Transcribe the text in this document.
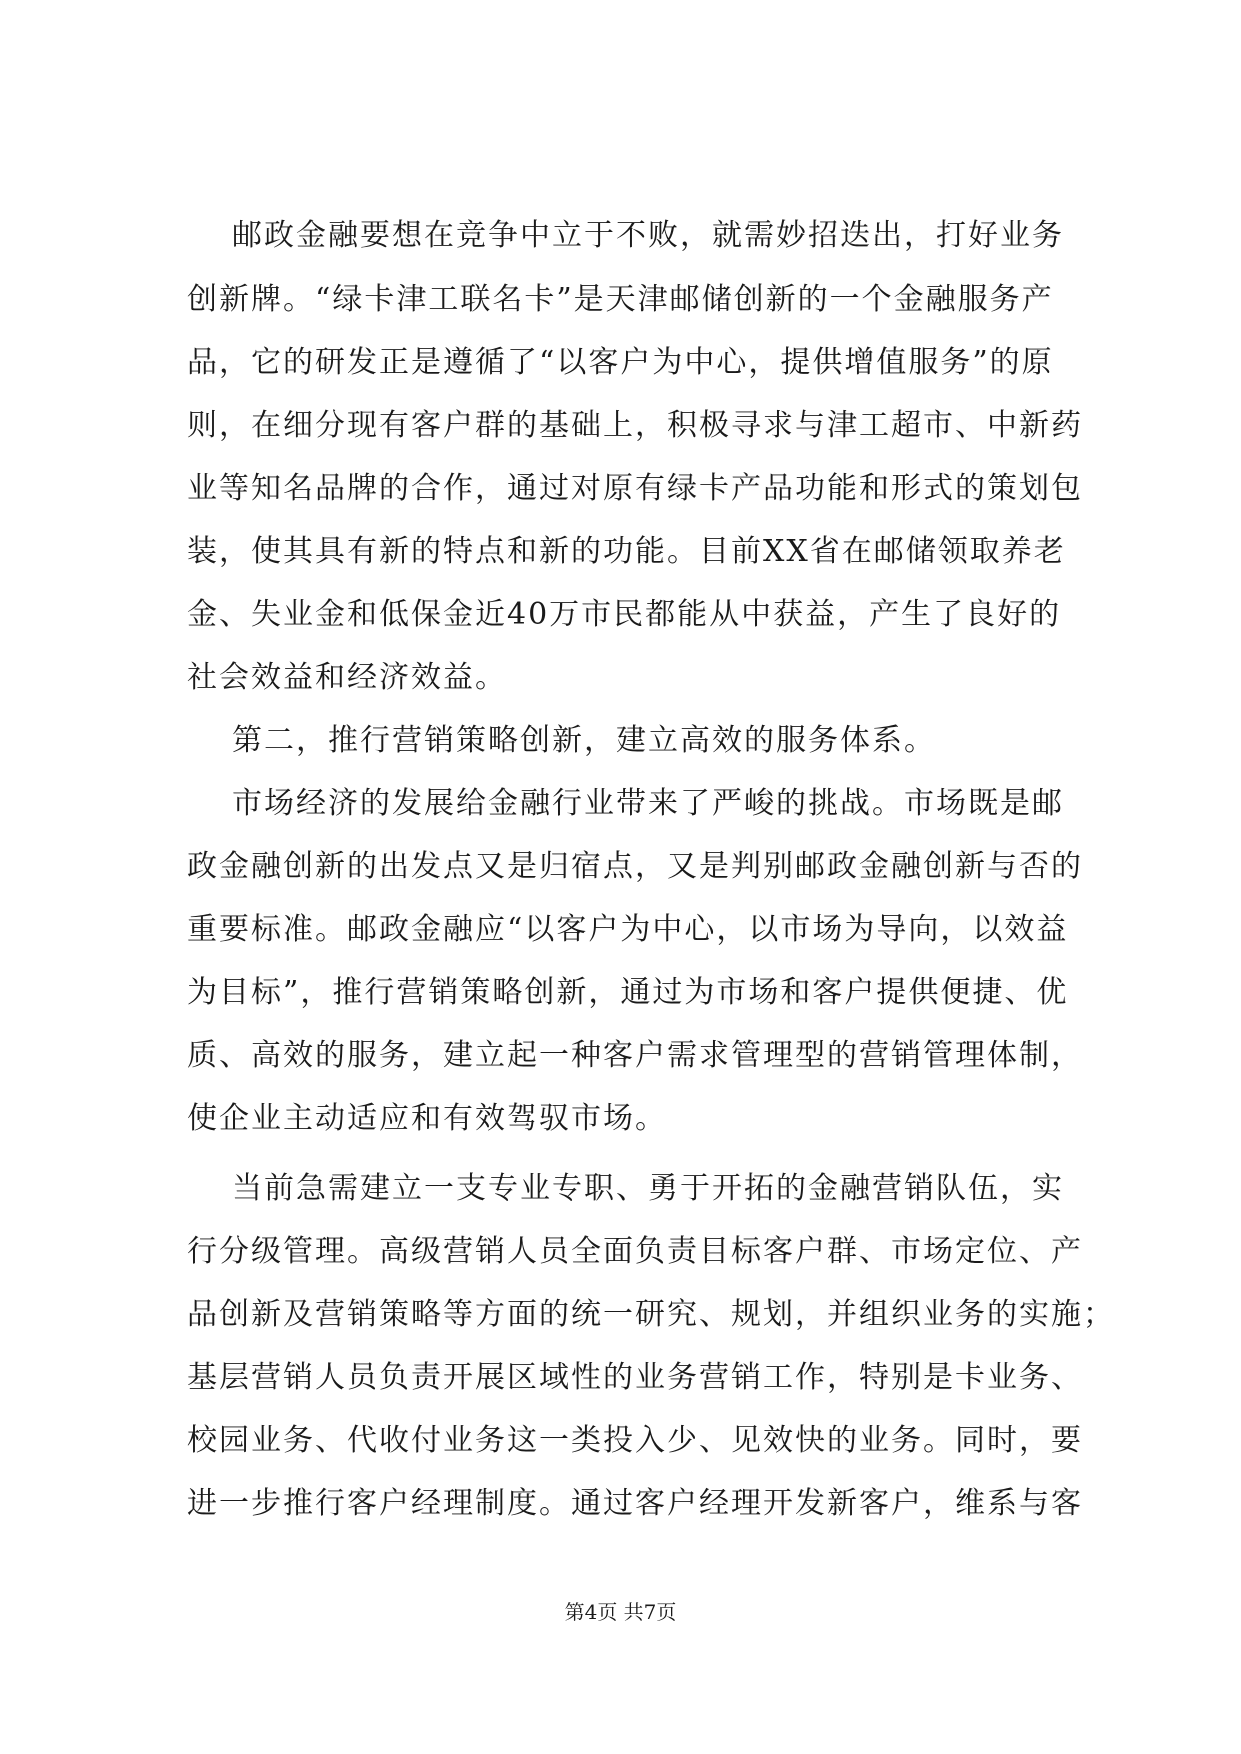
邮政金融要想在竞争中立于不败，就需妙招迭出，打好业务
创新牌。“绿卡津工联名卡”是天津邮储创新的一个金融服务产
品，它的研发正是遵循了“以客户为中心，提供增值服务”的原
则，在细分现有客户群的基础上，积极寻求与津工超市、中新药
业等知名品牌的合作，通过对原有绿卡产品功能和形式的策划包
装，使其具有新的特点和新的功能。目前XX省在邮储领取养老
金、失业金和低保金近40万市民都能从中获益，产生了良好的
社会效益和经济效益。
第二，推行营销策略创新，建立高效的服务体系。
市场经济的发展给金融行业带来了严峻的挑战。市场既是邮
政金融创新的出发点又是归宿点，又是判别邮政金融创新与否的
重要标准。邮政金融应“以客户为中心，以市场为导向，以效益
为目标”，推行营销策略创新，通过为市场和客户提供便捷、优
质、高效的服务，建立起一种客户需求管理型的营销管理体制，
使企业主动适应和有效驾驭市场。
当前急需建立一支专业专职、勇于开拓的金融营销队伍，实
行分级管理。高级营销人员全面负责目标客户群、市场定位、产
品创新及营销策略等方面的统一研究、规划，并组织业务的实施；
基层营销人员负责开展区域性的业务营销工作，特别是卡业务、
校园业务、代收付业务这一类投入少、见效快的业务。同时，要
进一步推行客户经理制度。通过客户经理开发新客户，维系与客
第4页 共7页
